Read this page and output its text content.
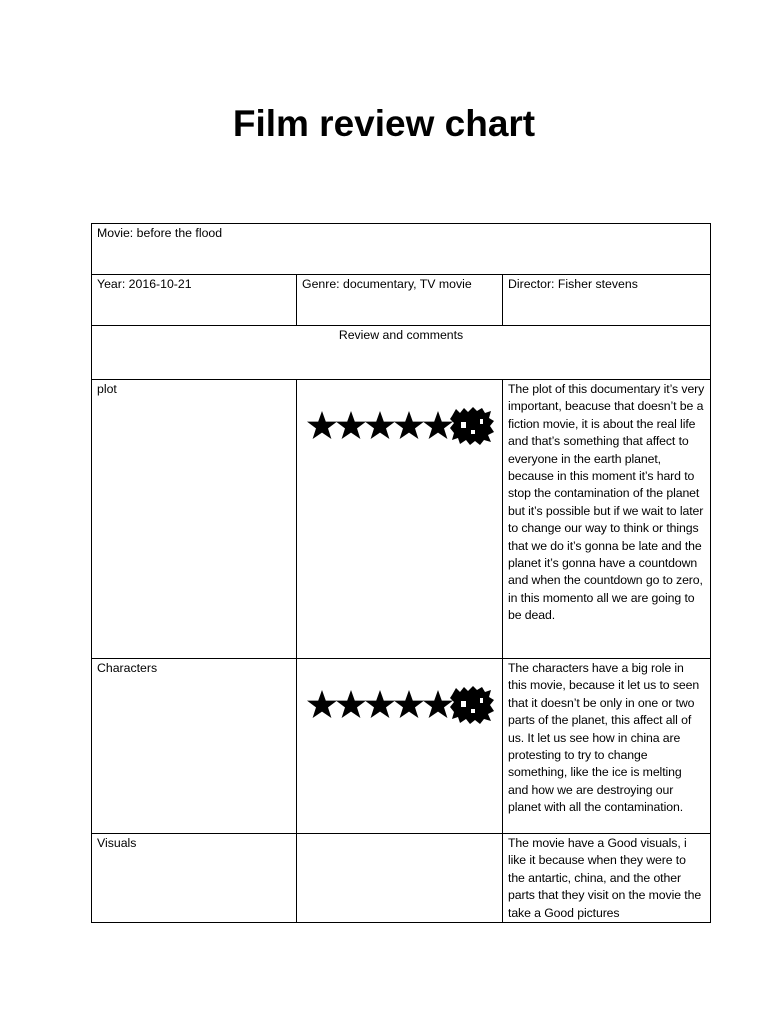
Film review chart
Movie: before the flood		
Year: 2016-10-21	Genre: documentary, TV movie	Director: Fisher stevens
Review and comments		
plot		The plot of this documentary it’s very important, beacuse that doesn’t be a fiction movie, it is about the real life and that’s something that affect to everyone in the earth planet, because in this moment it’s hard to stop the contamination of the planet but it’s possible but if we wait to later to change our way to think or things that we do it’s gonna be late and the planet it’s gonna have a countdown and when the countdown go to zero, in this momento all we are going to be dead.
Characters		The characters have a big role in this movie, because it let us to seen that it doesn’t be only in one or two parts of the planet, this affect all of us. It let us see how in china are protesting to try to change something, like the ice is melting and how we are destroying our planet with all the contamination.
Visuals		The movie have a Good visuals, i like it because when they were to the antartic, china, and the other parts that they visit on the movie the take a Good pictures
